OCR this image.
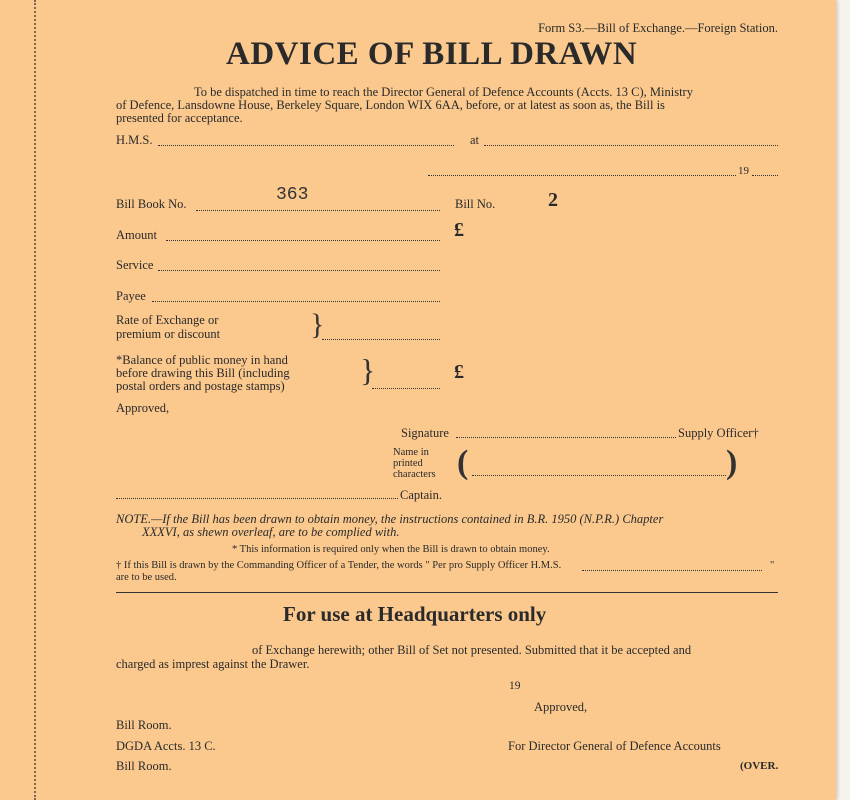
Form S3.—Bill of Exchange.—Foreign Station.
ADVICE OF BILL DRAWN
To be dispatched in time to reach the Director General of Defence Accounts (Accts. 13 C), Ministry
of Defence, Lansdowne House, Berkeley Square, London WIX 6AA, before, or at latest as soon as, the Bill is
presented for acceptance.
H.M.S.	at
19
Bill Book No.	363	Bill No.	2
Amount	£
Service
Payee
Rate of Exchange or
premium or discount	}
*Balance of public money in hand
before drawing this Bill (including
postal orders and postage stamps) }	£
Approved,
Signature	Supply Officer†
Name in
printed
characters (	)
Captain.
NOTE.—If the Bill has been drawn to obtain money, the instructions contained in B.R. 1950 (N.P.R.) Chapter
XXXVI, as shewn overleaf, are to be complied with.
* This information is required only when the Bill is drawn to obtain money.
† If this Bill is drawn by the Commanding Officer of a Tender, the words " Per pro Supply Officer H.M.S.	"
are to be used.
For use at Headquarters only
of Exchange herewith; other Bill of Set not presented. Submitted that it be accepted and
charged as imprest against the Drawer.
19
Approved,
Bill Room.
DGDA Accts. 13 C.
Bill Room.
For Director General of Defence Accounts
(OVER.
